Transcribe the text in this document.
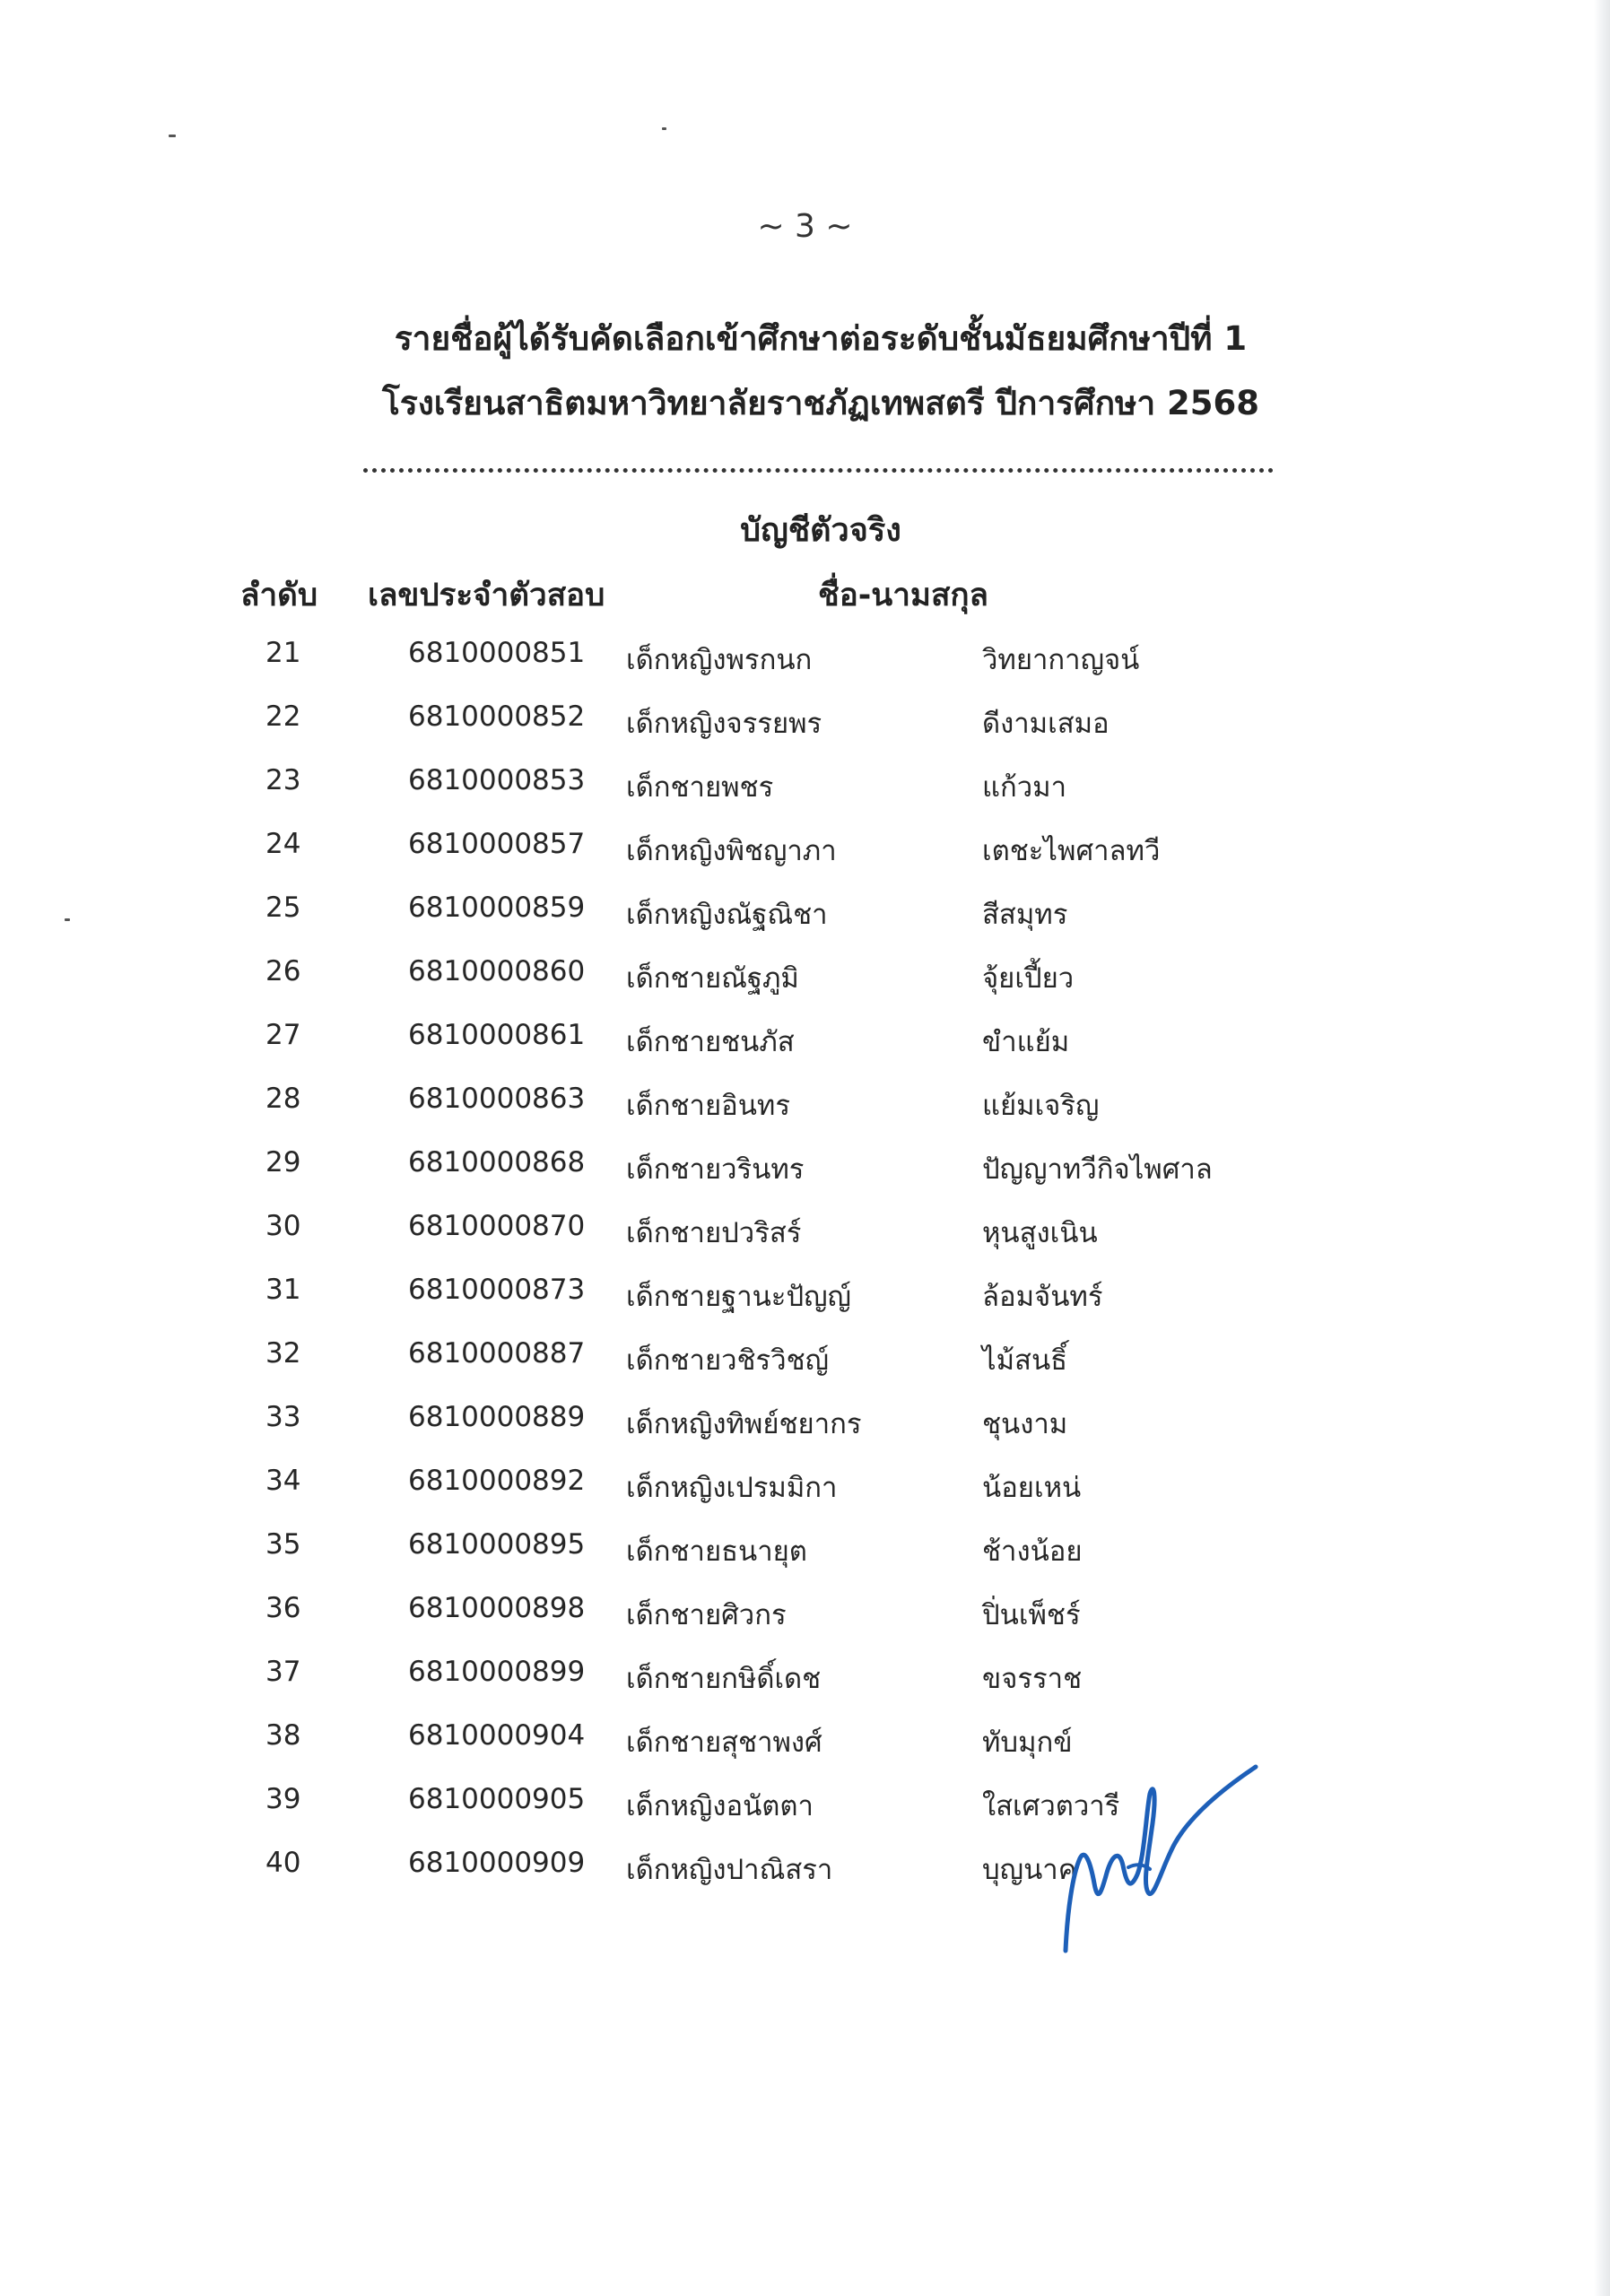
~ 3 ~
รายชื่อผู้ได้รับคัดเลือกเข้าศึกษาต่อระดับชั้นมัธยมศึกษาปีที่ 1
โรงเรียนสาธิตมหาวิทยาลัยราชภัฏเทพสตรี ปีการศึกษา 2568
บัญชีตัวจริง
ลำดับ เลขประจำตัวสอบ	ชื่อ-นามสกุล
21	6810000851 เด็กหญิงพรกนก	วิทยากาญจน์
22	6810000852 เด็กหญิงจรรยพร	ดีงามเสมอ
23	6810000853 เด็กชายพชร	แก้วมา
24	6810000857 เด็กหญิงพิชญาภา	เตชะไพศาลทวี
25	6810000859 เด็กหญิงณัฐณิชา	สีสมุทร
26	6810000860 เด็กชายณัฐภูมิ	จุ้ยเปี้ยว
27	6810000861 เด็กชายชนภัส	ขำแย้ม
28	6810000863 เด็กชายอินทร	แย้มเจริญ
29	6810000868 เด็กชายวรินทร	ปัญญาทวีกิจไพศาล
30	6810000870 เด็กชายปวริสร์	หุนสูงเนิน
31	6810000873 เด็กชายฐานะปัญญ์	ล้อมจันทร์
32	6810000887 เด็กชายวชิรวิชญ์	ไม้สนธิ์
33	6810000889 เด็กหญิงทิพย์ชยากร	ชุนงาม
34	6810000892 เด็กหญิงเปรมมิกา	น้อยเหน่
35	6810000895 เด็กชายธนายุต	ช้างน้อย
36	6810000898 เด็กชายศิวกร	ปิ่นเพ็ชร์
37	6810000899 เด็กชายกษิดิ์เดช	ขจรราช
38	6810000904 เด็กชายสุชาพงศ์	ทับมุกข์
39	6810000905 เด็กหญิงอนัตตา	ใสเศวตวารี
40	6810000909 เด็กหญิงปาณิสรา	บุญนาค
